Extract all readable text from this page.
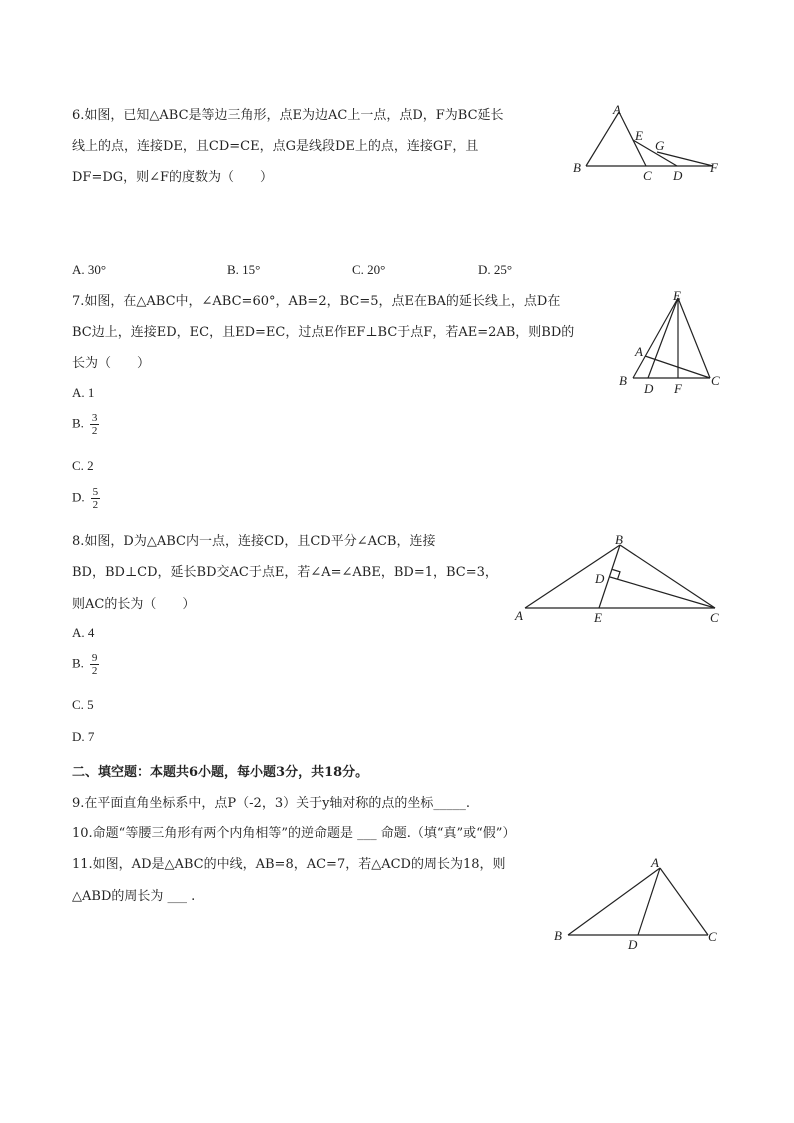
6.如图，已知△ABC是等边三角形，点E为边AC上一点，点D，F为BC延长
线上的点，连接DE，且CD=CE，点G是线段DE上的点，连接GF，且
DF=DG，则∠F的度数为（　　）
A
B
C D
E
F
G
A. 30°	B. 15°	C. 20°	D. 25°
7.如图，在△ABC中，∠ABC=60°，AB=2，BC=5，点E在BA的延长线上，点D在
BC边上，连接ED，EC，且ED=EC，过点E作EF⊥BC于点F，若AE=2AB，则BD的
长为（　　）
E
A
B
D F
C
A. 1
B. $\frac{3}{2}$
C. 2
D. $\frac{5}{2}$
8.如图，D为△ABC内一点，连接CD，且CD平分∠ACB，连接
BD，BD⊥CD，延长BD交AC于点E，若∠A=∠ABE，BD=1，BC=3，
则AC的长为（　　）
B
D
A	E	C
A. 4
B. $\frac{9}{2}$
C. 5
D. 7
二、填空题：本题共6小题，每小题3分，共18分。
9.在平面直角坐标系中，点P（-2，3）关于y轴对称的点的坐标_____.
10.命题“等腰三角形有两个内角相等”的逆命题是 ___ 命题.（填“真”或“假”）
11.如图，AD是△ABC的中线，AB=8，AC=7，若△ACD的周长为18，则
△ABD的周长为 ___ .
A
B
D
C
